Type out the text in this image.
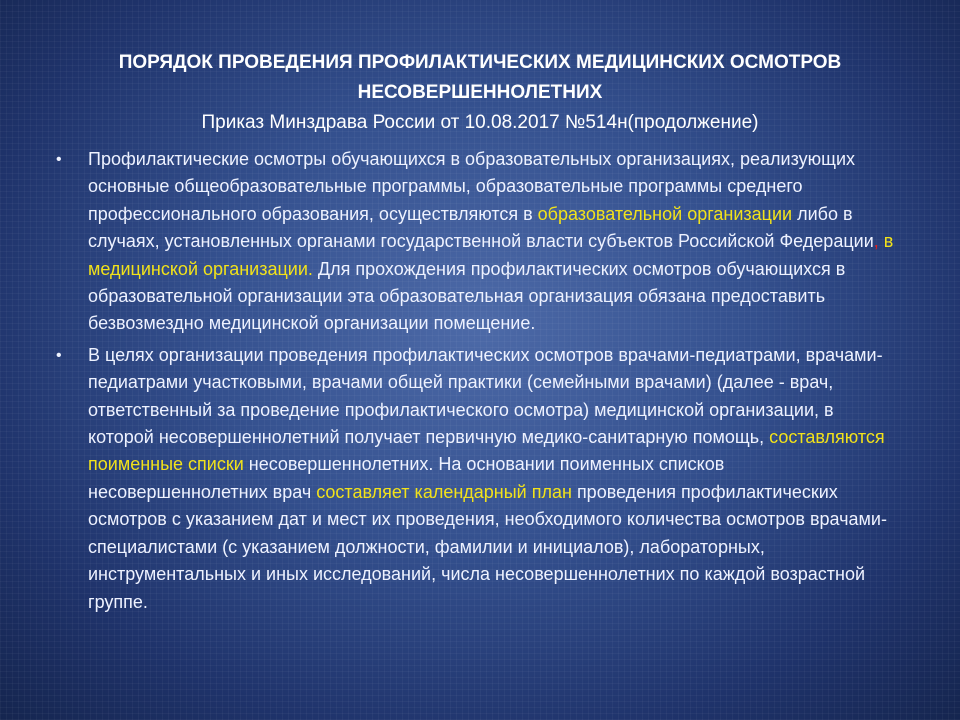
ПОРЯДОК ПРОВЕДЕНИЯ ПРОФИЛАКТИЧЕСКИХ МЕДИЦИНСКИХ ОСМОТРОВ

НЕСОВЕРШЕННОЛЕТНИХ

Приказ Минздрава России от 10.08.2017 №514н(продолжение)

• Профилактические осмотры обучающихся в образовательных организациях, реализующих основные общеобразовательные программы, образовательные программы среднего профессионального образования, осуществляются в образовательной организации либо в случаях, установленных органами государственной власти субъектов Российской Федерации, в медицинской организации. Для прохождения профилактических осмотров обучающихся в образовательной организации эта образовательная организация обязана предоставить безвозмездно медицинской организации помещение.

• В целях организации проведения профилактических осмотров врачами-педиатрами, врачами-педиатрами участковыми, врачами общей практики (семейными врачами) (далее - врач, ответственный за проведение профилактического осмотра) медицинской организации, в которой несовершеннолетний получает первичную медико-санитарную помощь, составляются поименные списки несовершеннолетних. На основании поименных списков несовершеннолетних врач составляет календарный план проведения профилактических осмотров с указанием дат и мест их проведения, необходимого количества осмотров врачами-специалистами (с указанием должности, фамилии и инициалов), лабораторных, инструментальных и иных исследований, числа несовершеннолетних по каждой возрастной группе.
